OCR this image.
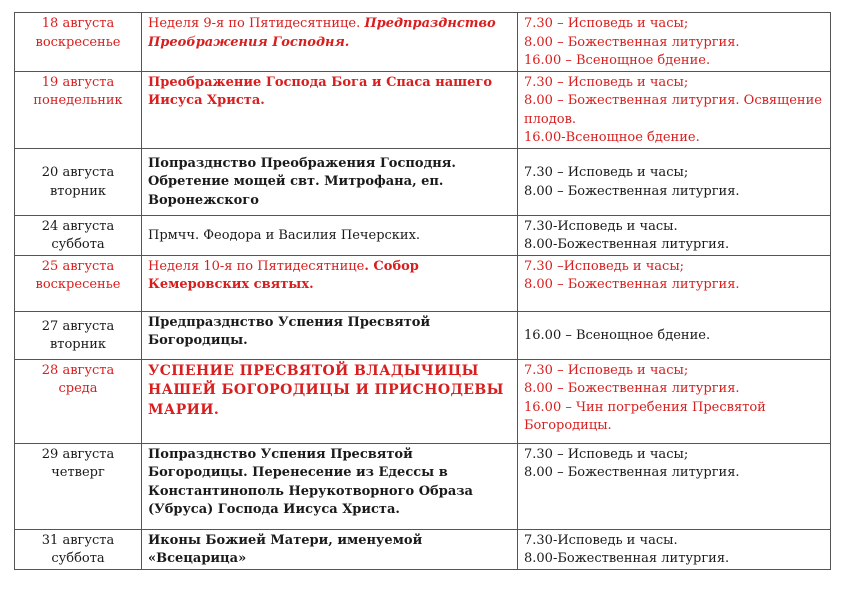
18 августа
воскресенье	Неделя 9-я по Пятидесятнице. Предпразднство Преображения Господня.	7.30 – Исповедь и часы;
8.00 – Божественная литургия.
16.00 – Всенощное бдение.

19 августа
понедельник	Преображение Господа Бога и Спаса нашего Иисуса Христа.	7.30 – Исповедь и часы;
8.00 – Божественная литургия. Освящение плодов.
16.00-Всенощное бдение.

20 августа
вторник	Попразднство Преображения Господня. Обретение мощей свт. Митрофана, еп. Воронежского	7.30 – Исповедь и часы;
8.00 – Божественная литургия.

24 августа
суббота	Прмчч. Феодора и Василия Печерских.	7.30-Исповедь и часы.
8.00-Божественная литургия.

25 августа
воскресенье	Неделя 10-я по Пятидесятнице. Собор Кемеровских святых.	7.30 –Исповедь и часы;
8.00 – Божественная литургия.

27 августа
вторник	Предпразднство Успения Пресвятой Богородицы.	16.00 – Всенощное бдение.

28 августа
среда	УСПЕНИЕ ПРЕСВЯТОЙ ВЛАДЫЧИЦЫ НАШЕЙ БОГОРОДИЦЫ И ПРИСНОДЕВЫ МАРИИ.	7.30 – Исповедь и часы;
8.00 – Божественная литургия.
16.00 – Чин погребения Пресвятой Богородицы.

29 августа
четверг	Попразднство Успения Пресвятой Богородицы. Перенесение из Едессы в Константинополь Нерукотворного Образа (Убруса) Господа Иисуса Христа.	7.30 – Исповедь и часы;
8.00 – Божественная литургия.

31 августа
суббота	Иконы Божией Матери, именуемой «Всецарица»	7.30-Исповедь и часы.
8.00-Божественная литургия.
